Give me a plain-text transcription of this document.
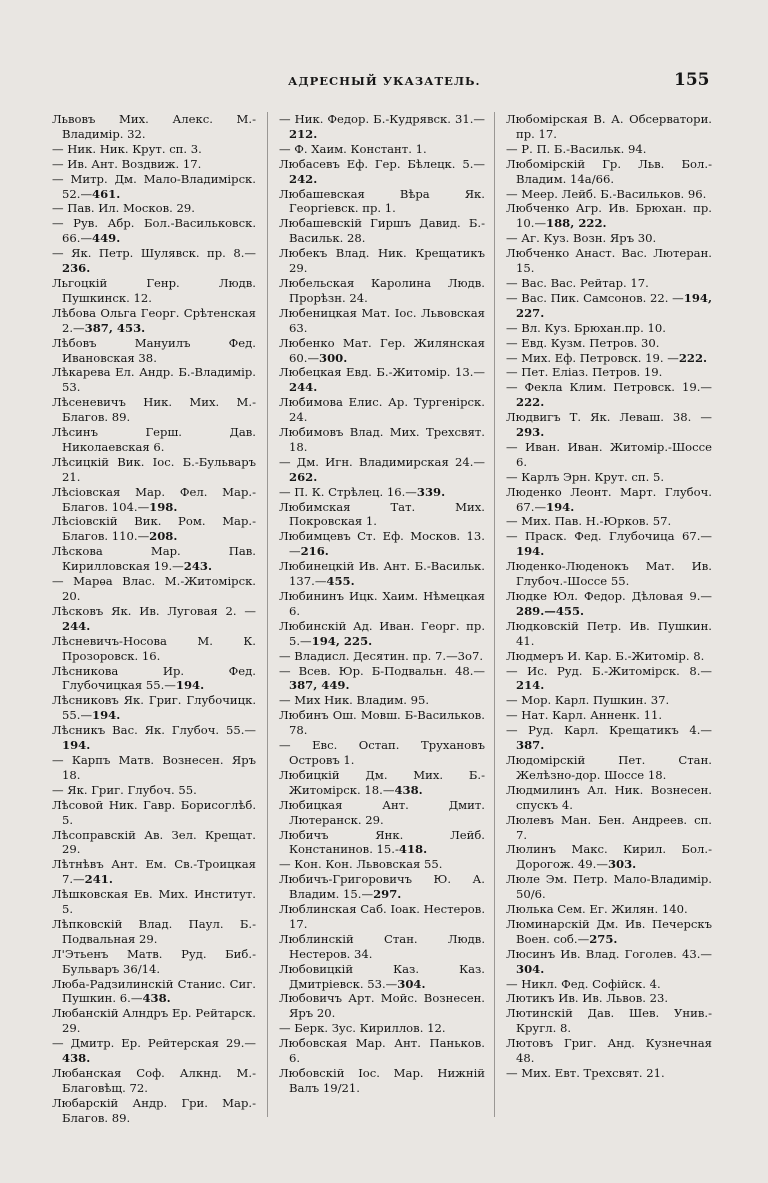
АДРЕСНЫЙ УКАЗАТЕЛЬ.	155

Львовъ Мих. Алекс. М.-Владимір. 32.

— Ник. Ник. Крут. сп. 3.

— Ив. Ант. Воздвиж. 17.

— Митр. Дм. Мало-Владимірск. 52.—461.

— Пав. Ил. Москов. 29.

— Рув. Абр. Бол.-Васильковск. 66.—449.

— Як. Петр. Шулявск. пр. 8.—236.

Льгоцкій Генр. Людв. Пушкинск. 12.

Лѣбова Ольга Георг. Срѣтенская 2.—387, 453.

Лѣбовъ Мануилъ Фед. Ивановская 38.

Лѣкарева Ел. Андр. Б.-Владимір. 53.

Лѣсеневичъ Ник. Мих. М.-Благов. 89.

Лѣсинъ Герш. Дав. Николаевская 6.

Лѣсицкій Вик. Іос. Б.-Бульваръ 21.

Лѣсiовская Мар. Фел. Мар.-Благов. 104.—198.

Лѣсiовскій Вик. Ром. Мар.-Благов. 110.—208.

Лѣскова Мар. Пав. Кирилловская 19.—243.

— Марѳа Влас. М.-Житомірск. 20.

Лѣсковъ Як. Ив. Луговая 2. —244.

Лѣсневичъ-Носова М. К. Прозоровск. 16.

Лѣсникова Ир. Фед. Глубочицкая 55.—194.

Лѣсниковъ Як. Григ. Глубочицк. 55.—194.

Лѣсникъ Вас. Як. Глубоч. 55.—194.

— Карпъ Матв. Вознесен. Яръ 18.

— Як. Григ. Глубоч. 55.

Лѣсовой Ник. Гавр. Борисоглѣб. 5.

Лѣсоправскій Ав. Зел. Крещат. 29.

Лѣтнѣвъ Ант. Ем. Св.-Троицкая 7.—241.

Лѣшковская Ев. Мих. Институт. 5.

Лѣпковскій Влад. Паул. Б.-Подвальная 29.

Л'Этьенъ Матв. Руд. Биб.-Бульваръ 36/14.

Люба-Радзилинскій Станис. Сиг. Пушкин. 6.—438.

Любанскій Алндръ Ер. Рейтарск. 29.

— Дмитр. Ер. Рейтерская 29.—438.

Любанская Соф. Алкнд. М.-Благовѣщ. 72.

Любарскій Андр. Гри. Мар.-Благов. 89.

— Ник. Федор. Б.-Кудрявск. 31.—212.

— Ф. Хаим. Констант. 1.

Любасевъ Еф. Гер. Бѣлецк. 5.—242.

Любашевская Вѣра Як. Георгiевск. пр. 1.

Любашевскій Гиршъ Давид. Б.-Васильк. 28.

Любекъ Влад. Ник. Крещатикъ 29.

Любельская Каролина Людв. Прорѣзн. 24.

Любеницкая Мат. Іос. Львовская 63.

Любенко Мат. Гер. Жилянская 60.—300.

Любецкая Евд. Б.-Житомір. 13.—244.

Любимова Елис. Ар. Тургенiрск. 24.

Любимовъ Влад. Мих. Трехсвят. 18.

— Дм. Игн. Владимирская 24.—262.

— П. К. Стрѣлец. 16.—339.

Любимская Тат. Мих. Покровская 1.

Любимцевъ Ст. Еф. Москов. 13.—216.

Любинецкій Ив. Ант. Б.-Васильк. 137.—455.

Любининъ Ицк. Хаим. Нѣмецкая 6.

Любинскій Ад. Иван. Георг. пр. 5.—194, 225.

— Владисл. Десятин. пр. 7.—3о7.

— Всев. Юр. Б-Подвальн. 48.—387, 449.

— Мих Ник. Владим. 95.

Любинъ Ош. Мовш. Б-Васильков. 78.

— Евс. Остап. Трухановъ Островъ 1.

Любицкій Дм. Мих. Б.-Житомірск. 18.—438.

Любицкая Ант. Дмит. Лютеранск. 29.

Любичъ Янк. Лейб. Констанинов. 15.-418.

— Кон. Кон. Львовская 55.

Любичъ-Григоровичъ Ю. А. Владим. 15.—297.

Люблинская Саб. Іоак. Нестеров. 17.

Люблинскій Стан. Людв. Нестеров. 34.

Любовицкій Каз. Каз. Дмитрiевск. 53.—304.

Любовичъ Арт. Мойс. Вознесен. Яръ 20.

— Берк. Зус. Кириллов. 12.

Любовская Мар. Ант. Паньков. 6.

Любовскій Іос. Мар. Нижній Валъ 19/21.

Любомірская В. А. Обсерватори. пр. 17.

— Р. П. Б.-Васильк. 94.

Любомірскій Гр. Льв. Бол.-Владим. 14а/66.

— Меер. Лейб. Б.-Васильков. 96.

Любченко Агр. Ив. Брюхан. пр. 10.—188, 222.

— Аг. Куз. Возн. Яръ 30.

Любченко Анаст. Вас. Лютеран. 15.

— Вас. Вас. Рейтар. 17.

— Вас. Пик. Самсонов. 22. —194, 227.

— Вл. Куз. Брюхан.пр. 10.

— Евд. Кузм. Петров. 30.

— Мих. Еф. Петровск. 19. —222.

— Пет. Eліаз. Петров. 19.

— Фекла Клим. Петровск. 19.—222.

Людвигъ Т. Як. Леваш. 38. —293.

— Иван. Иван. Житомір.-Шоссе 6.

— Карлъ Эрн. Крут. сп. 5.

Люденко Леонт. Март. Глубоч. 67.—194.

— Мих. Пав. Н.-Юрков. 57.

— Праск. Фед. Глубочица 67.—194.

Люденко-Люденокъ Мат. Ив. Глубоч.-Шоссе 55.

Людке Юл. Федор. Дѣловая 9.—289.—455.

Людковскій Петр. Ив. Пушкин. 41.

Людмеръ И. Кар. Б.-Житомір. 8.

— Ис. Руд. Б.-Житомірск. 8.—214.

— Мор. Карл. Пушкин. 37.

— Нат. Карл. Анненк. 11.

— Руд. Карл. Крещатикъ 4.—387.

Людомірскій Пет. Стан. Желѣзно-дор. Шоссе 18.

Людмилинъ Ал. Ник. Вознесен. спускъ 4.

Люлевъ Ман. Бен. Андреев. сп. 7.

Люлинъ Макс. Кирил. Бол.-Дорогож. 49.—303.

Люле Эм. Петр. Мало-Владимір. 50/6.

Люлька Сем. Ег. Жилян. 140.

Люминарскій Дм. Ив. Печерскъ Воен. соб.—275.

Люсинъ Ив. Влад. Гоголев. 43.—304.

— Никл. Фед. Софійск. 4.

Лютикъ Ив. Ив. Львов. 23.

Лютинскій Дав. Шев. Унив.-Кругл. 8.

Лютовъ Григ. Анд. Кузнечная 48.

— Мих. Евт. Трехсвят. 21.
